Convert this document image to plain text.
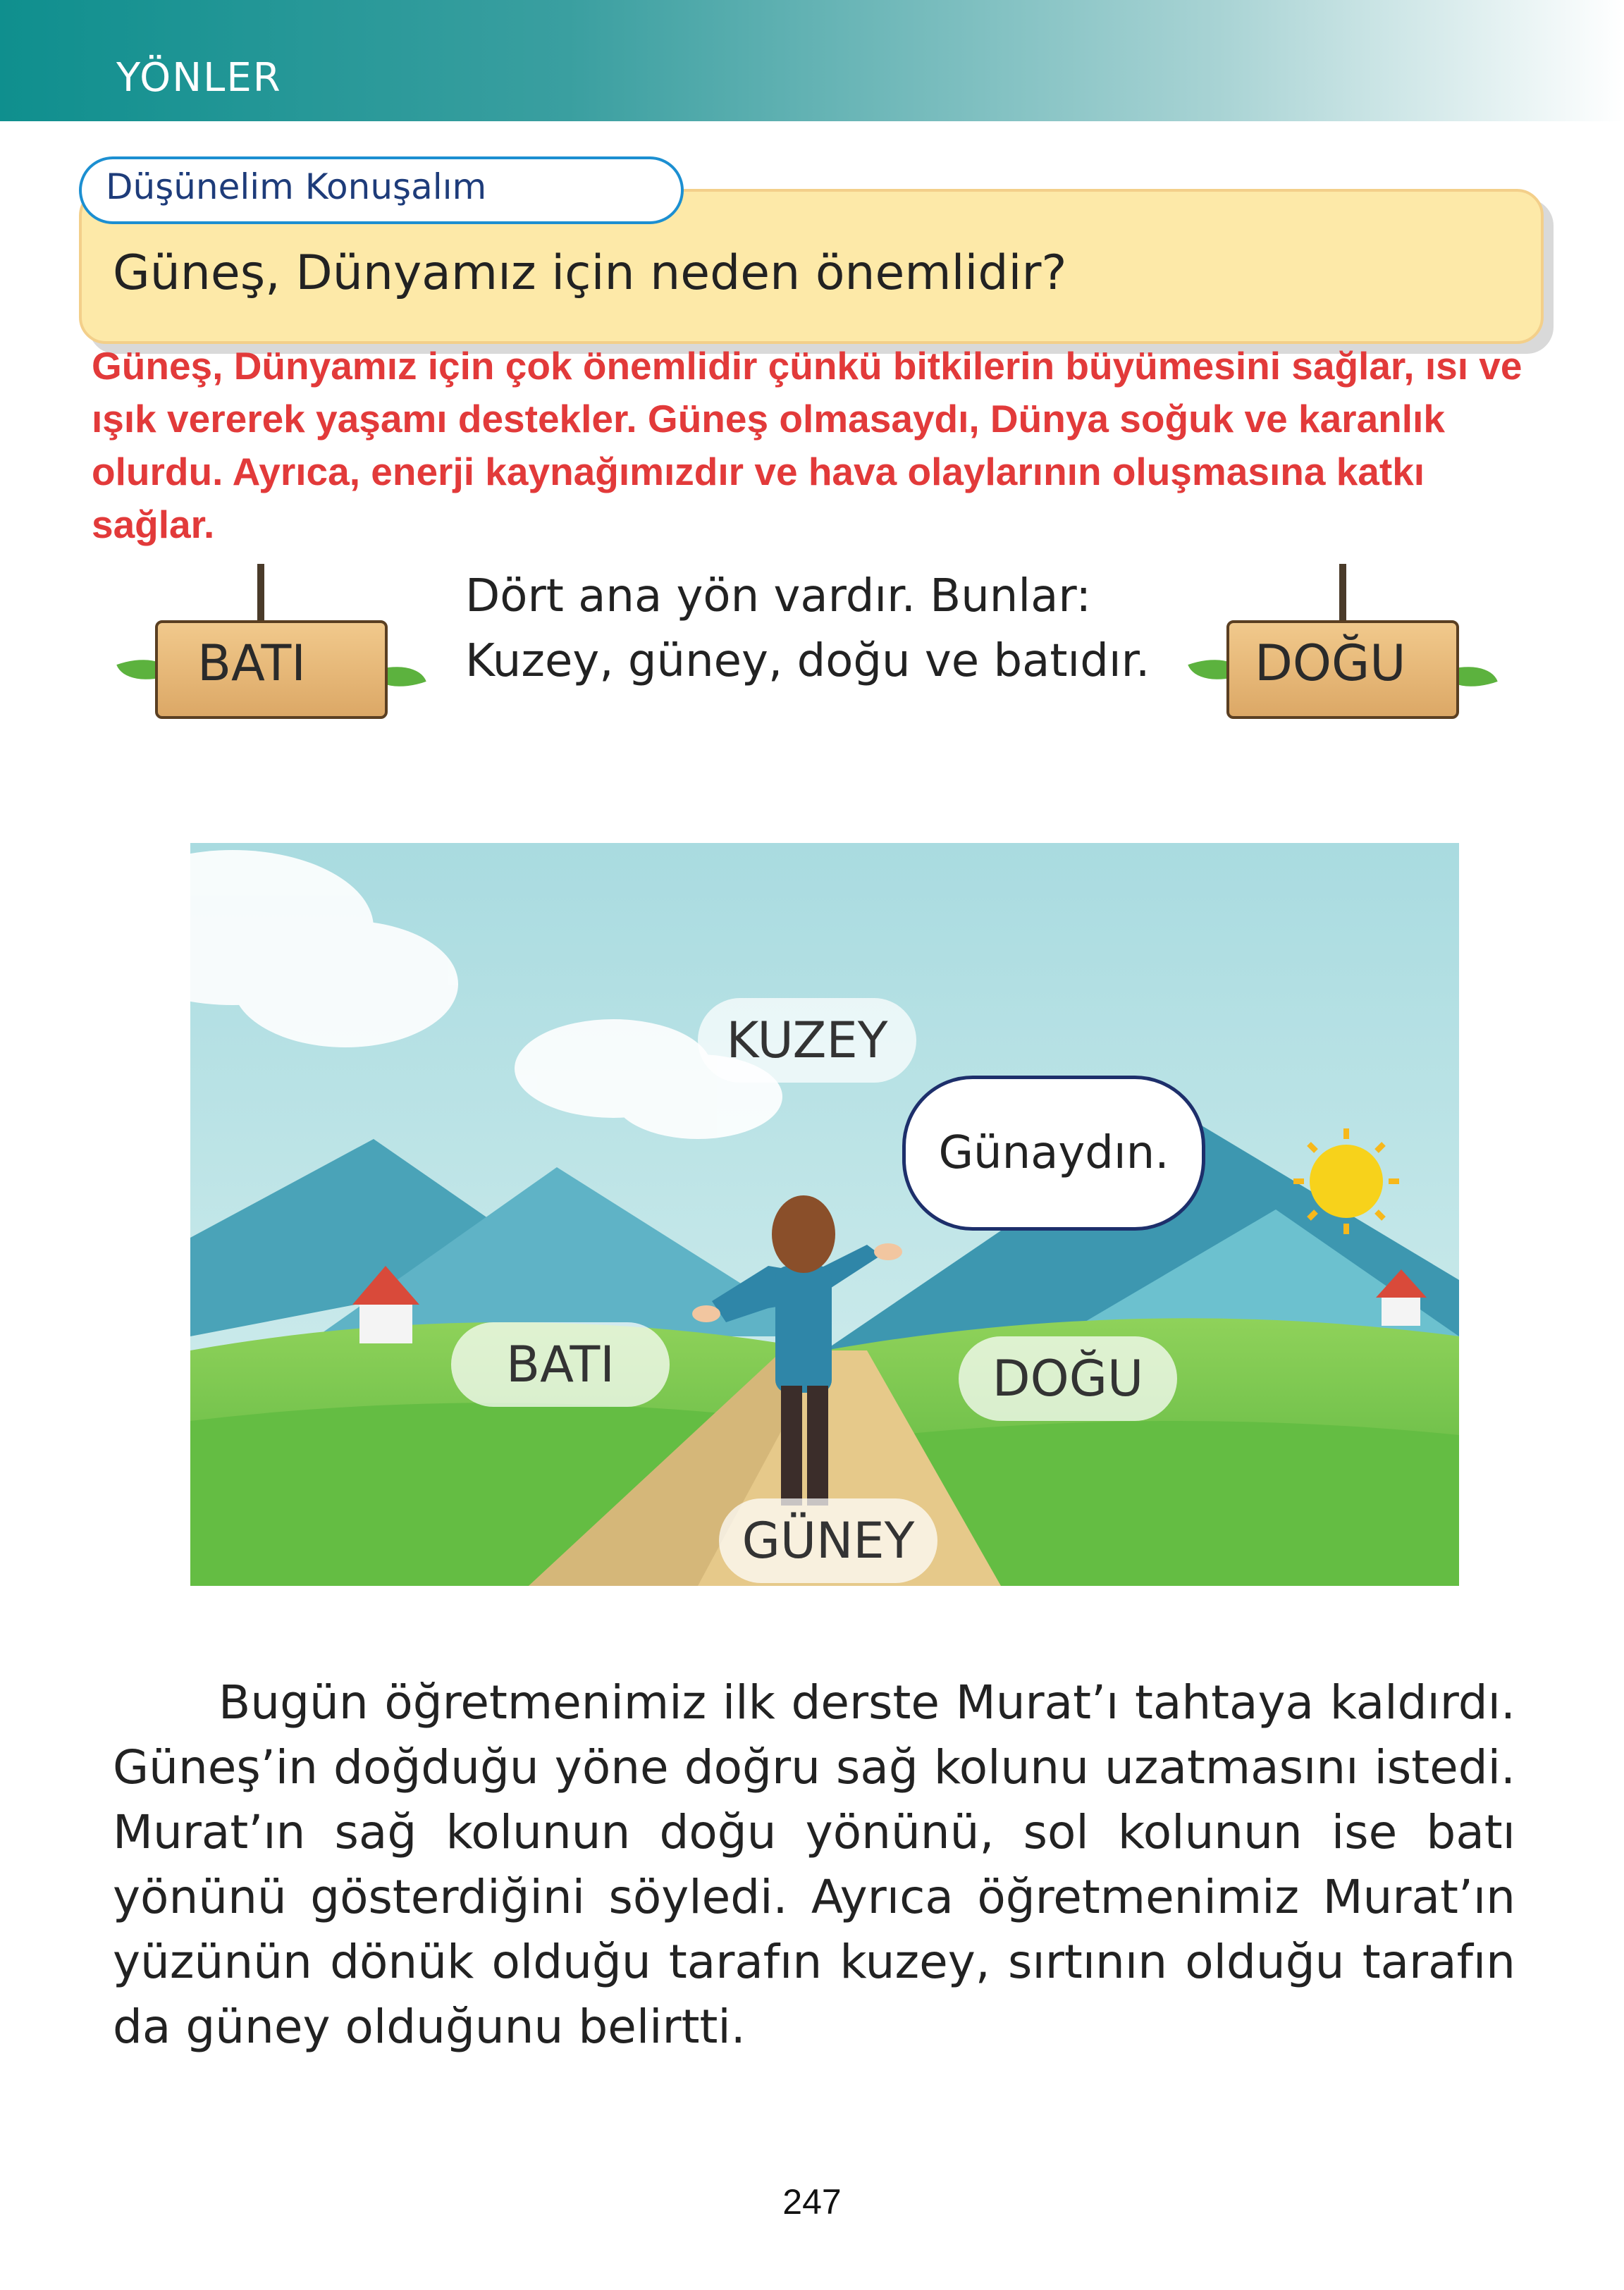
YÖNLER
Düşünelim Konuşalım
Güneş, Dünyamız için neden önemlidir?
Güneş, Dünyamız için çok önemlidir çünkü bitkilerin büyümesini sağlar, ısı ve ışık vererek yaşamı destekler. Güneş olmasaydı, Dünya soğuk ve karanlık olurdu. Ayrıca, enerji kaynağımızdır ve hava olaylarının oluşmasına katkı sağlar.
BATI
Dört ana yön vardır. Bunlar:
Kuzey, güney, doğu ve batıdır. DOĞU
KUZEY
BATI	DOĞU
GÜNEY
Günaydın.
Bugün öğretmenimiz ilk derste Murat’ı tahtaya kaldırdı. Güneş’in doğduğu yöne doğru sağ kolunu uzatmasını istedi. Murat’ın sağ kolunun doğu yönünü, sol kolunun ise batı yönünü gösterdiğini söyledi. Ayrıca öğretmenimiz Murat’ın yüzünün dönük olduğu tarafın kuzey, sırtının olduğu tarafın da güney olduğunu belirtti.
247
